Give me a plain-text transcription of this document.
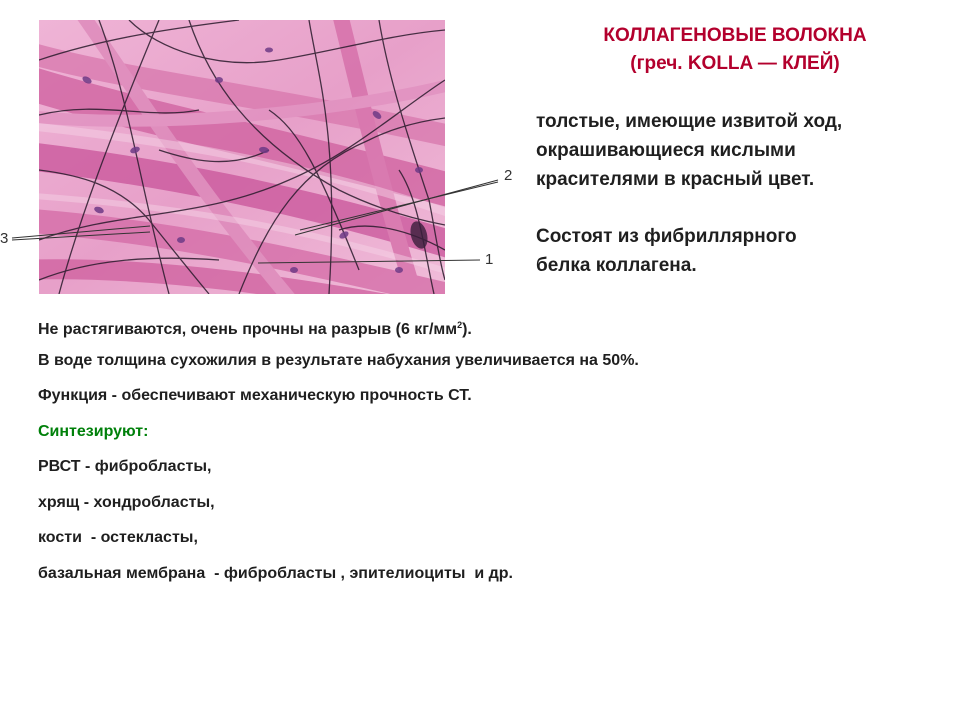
1
2
3
КОЛЛАГЕНОВЫЕ ВОЛОКНА
(греч. KOLLA — КЛЕЙ)
толстые, имеющие извитой ход,
окрашивающиеся кислыми
красителями в красный цвет.
Состоят из фибриллярного
белка коллагена.
Не растягиваются, очень прочны на разрыв (6 $кг/мм^2$).
В воде толщина сухожилия в результате набухания увеличивается на 50%.
Функция - обеспечивают механическую прочность СТ.
Синтезируют:
РВСТ - фибробласты,
хрящ - хондробласты,
кости  - остекласты,
базальная мембрана  - фибробласты , эпителиоциты  и др.
